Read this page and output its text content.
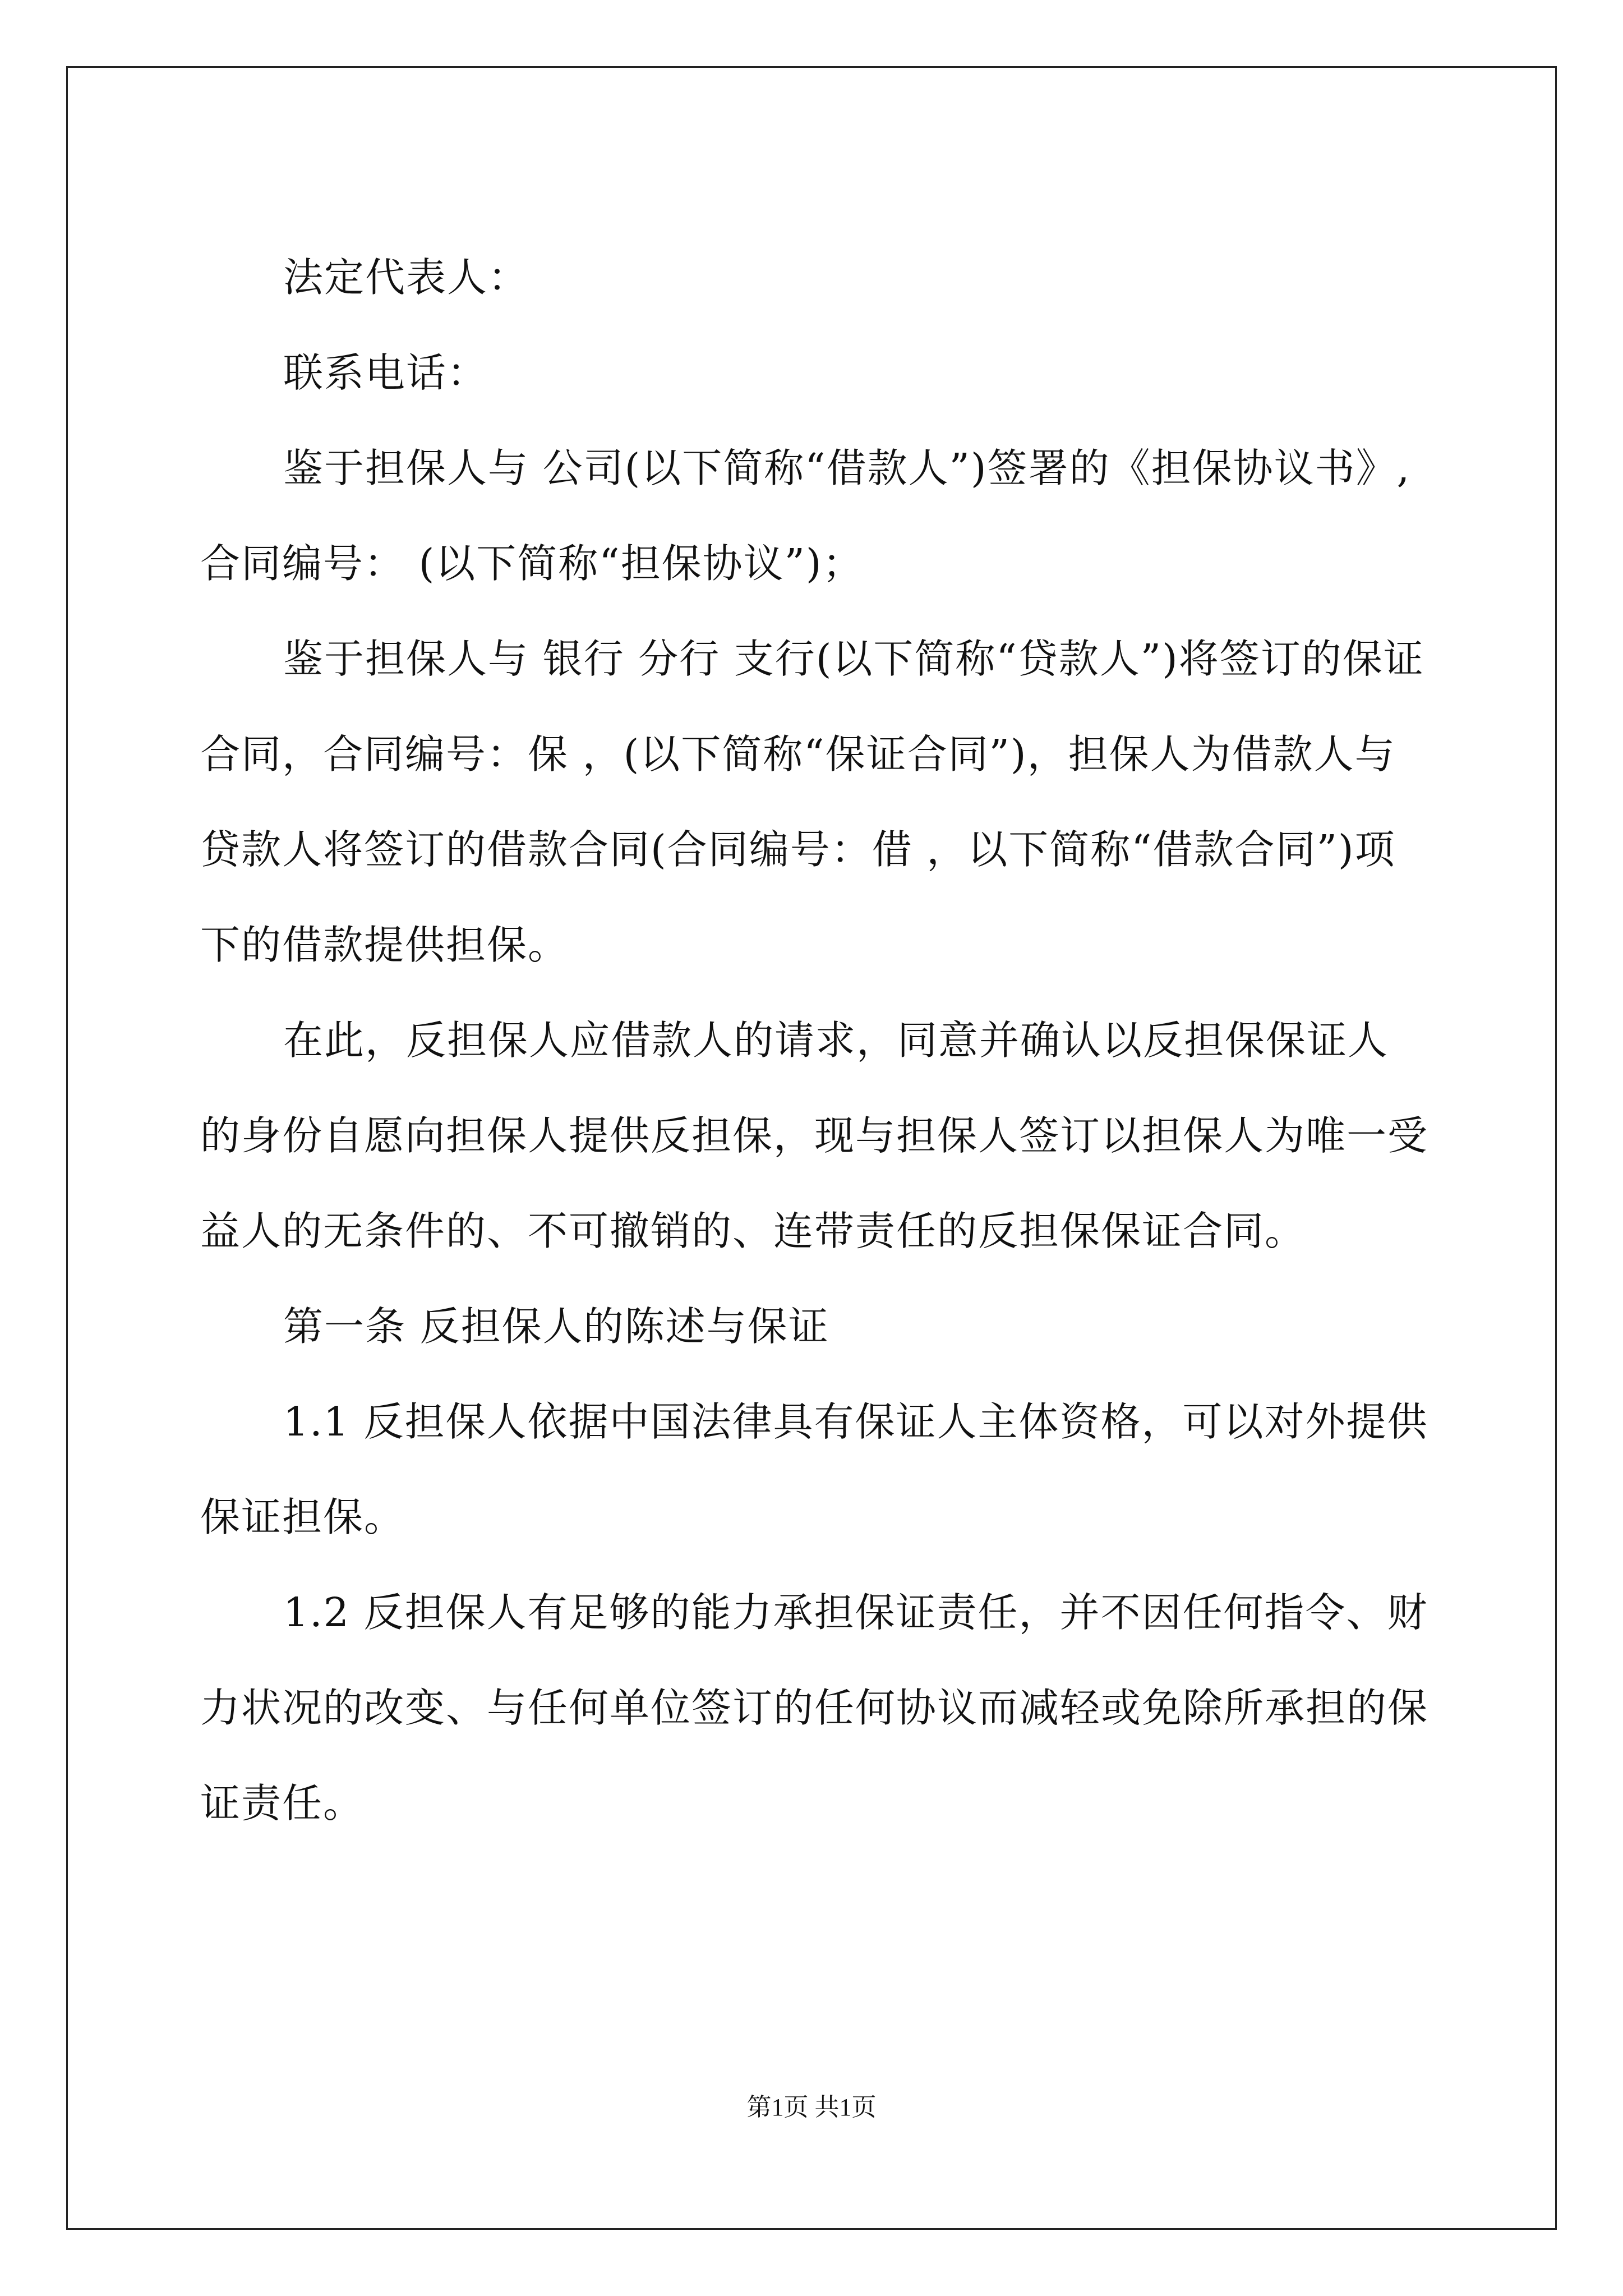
法定代表人：

联系电话：

鉴于担保人与 公司(以下简称“借款人”)签署的《担保协议书》, 合同编号： (以下简称“担保协议”)；

鉴于担保人与 银行 分行 支行(以下简称“贷款人”)将签订的保证合同，合同编号：保 ，(以下简称“保证合同”)，担保人为借款人与贷款人将签订的借款合同(合同编号：借 ，以下简称“借款合同”)项下的借款提供担保。

在此，反担保人应借款人的请求，同意并确认以反担保保证人的身份自愿向担保人提供反担保，现与担保人签订以担保人为唯一受益人的无条件的、不可撤销的、连带责任的反担保保证合同。

第一条 反担保人的陈述与保证

1.1 反担保人依据中国法律具有保证人主体资格，可以对外提供保证担保。

1.2 反担保人有足够的能力承担保证责任，并不因任何指令、财力状况的改变、与任何单位签订的任何协议而减轻或免除所承担的保证责任。

第1页 共1页
